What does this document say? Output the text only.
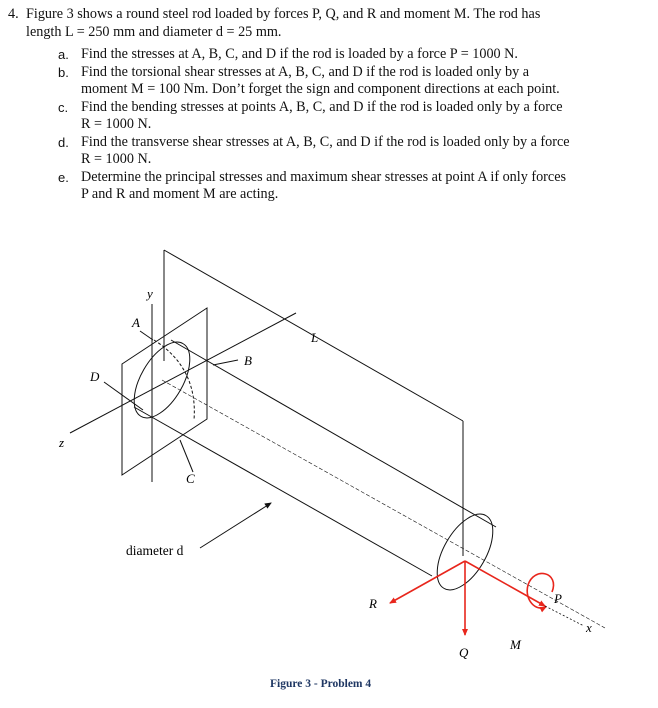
4. Figure 3 shows a round steel rod loaded by forces P, Q, and R and moment M. The rod has
length L = 250 mm and diameter d = 25 mm.
a. Find the stresses at A, B, C, and D if the rod is loaded by a force P = 1000 N.
b. Find the torsional shear stresses at A, B, C, and D if the rod is loaded only by a
moment M = 100 Nm. Don’t forget the sign and component directions at each point.
c. Find the bending stresses at points A, B, C, and D if the rod is loaded only by a force
R = 1000 N.
d. Find the transverse shear stresses at A, B, C, and D if the rod is loaded only by a force
R = 1000 N.
e. Determine the principal stresses and maximum shear stresses at point A if only forces
P and R and moment M are acting.
y
A
B
D
z
C
L
diameter d
R
Q
M
P
x
Figure 3 - Problem 4
